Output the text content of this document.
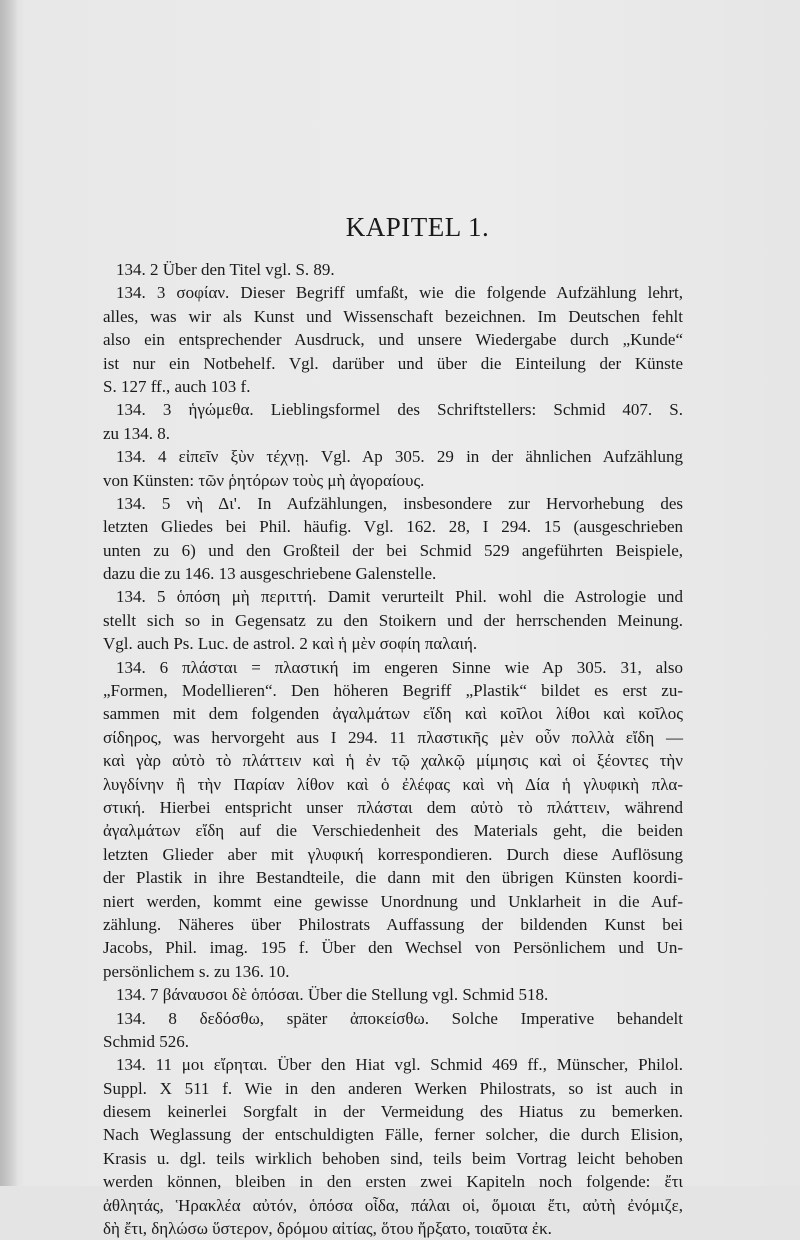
KAPITEL 1.
134. 2 Über den Titel vgl. S. 89.
134. 3 σοφίαν. Dieser Begriff umfaßt, wie die folgende Aufzählung lehrt,
alles, was wir als Kunst und Wissenschaft bezeichnen. Im Deutschen fehlt
also ein entsprechender Ausdruck, und unsere Wiedergabe durch „Kunde“
ist nur ein Notbehelf. Vgl. darüber und über die Einteilung der Künste
S. 127 ff., auch 103 f.
134. 3 ἡγώμεθα. Lieblingsformel des Schriftstellers: Schmid 407. S.
zu 134. 8.
134. 4 εἰπεῖν ξὺν τέχνῃ. Vgl. Ap 305. 29 in der ähnlichen Aufzählung
von Künsten: τῶν ῥητόρων τοὺς μὴ ἀγοραίους.
134. 5 νὴ Δι'. In Aufzählungen, insbesondere zur Hervorhebung des
letzten Gliedes bei Phil. häufig. Vgl. 162. 28, I 294. 15 (ausgeschrieben
unten zu 6) und den Großteil der bei Schmid 529 angeführten Beispiele,
dazu die zu 146. 13 ausgeschriebene Galenstelle.
134. 5 ὁπόση μὴ περιττή. Damit verurteilt Phil. wohl die Astrologie und
stellt sich so in Gegensatz zu den Stoikern und der herrschenden Meinung.
Vgl. auch Ps. Luc. de astrol. 2 καὶ ἡ μὲν σοφίη παλαιή.
134. 6 πλάσται = πλαστική im engeren Sinne wie Ap 305. 31, also
„Formen, Modellieren“. Den höheren Begriff „Plastik“ bildet es erst zu-
sammen mit dem folgenden ἀγαλμάτων εἴδη καὶ κοῖλοι λίθοι καὶ κοῖλος
σίδηρος, was hervorgeht aus I 294. 11 πλαστικῆς μὲν οὖν πολλὰ εἴδη —
καὶ γὰρ αὐτὸ τὸ πλάττειν καὶ ἡ ἐν τῷ χαλκῷ μίμησις καὶ οἱ ξέοντες τὴν
λυγδίνην ἢ τὴν Παρίαν λίθον καὶ ὁ ἐλέφας καὶ νὴ Δία ἡ γλυφικὴ πλα-
στική. Hierbei entspricht unser πλάσται dem αὐτὸ τὸ πλάττειν, während
ἀγαλμάτων εἴδη auf die Verschiedenheit des Materials geht, die beiden
letzten Glieder aber mit γλυφική korrespondieren. Durch diese Auflösung
der Plastik in ihre Bestandteile, die dann mit den übrigen Künsten koordi-
niert werden, kommt eine gewisse Unordnung und Unklarheit in die Auf-
zählung. Näheres über Philostrats Auffassung der bildenden Kunst bei
Jacobs, Phil. imag. 195 f. Über den Wechsel von Persönlichem und Un-
persönlichem s. zu 136. 10.
134. 7 βάναυσοι δὲ ὁπόσαι. Über die Stellung vgl. Schmid 518.
134. 8 δεδόσθω, später ἀποκείσθω. Solche Imperative behandelt
Schmid 526.
134. 11 μοι εἴρηται. Über den Hiat vgl. Schmid 469 ff., Münscher, Philol.
Suppl. X 511 f. Wie in den anderen Werken Philostrats, so ist auch in
diesem keinerlei Sorgfalt in der Vermeidung des Hiatus zu bemerken.
Nach Weglassung der entschuldigten Fälle, ferner solcher, die durch Elision,
Krasis u. dgl. teils wirklich behoben sind, teils beim Vortrag leicht behoben
werden können, bleiben in den ersten zwei Kapiteln noch folgende: ἔτι
ἀθλητάς, Ἡρακλέα αὐτόν, ὁπόσα οἶδα, πάλαι οἱ, ὅμοιαι ἔτι, αὐτὴ ἐνόμιζε,
δὴ ἔτι, δηλώσω ὕστερον, δρόμου αἰτίας, ὅτου ἤρξατο, τοιαῦτα ἐκ.
